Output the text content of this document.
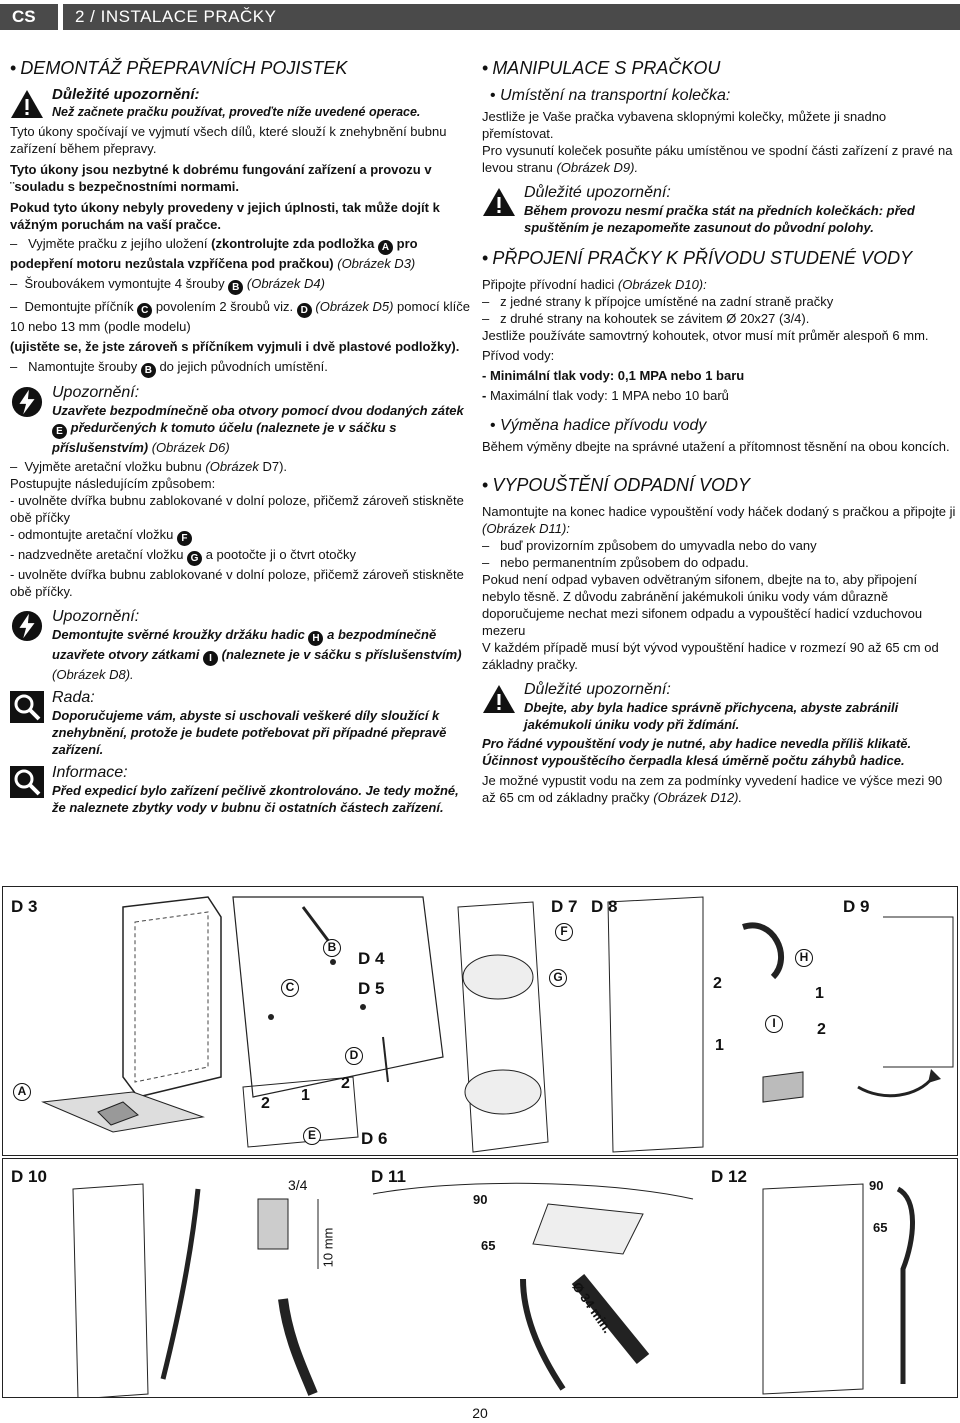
CS	2 / INSTALACE PRAČKY
• DEMONTÁŽ PŘEPRAVNÍCH POJISTEK
Důležité upozornění:
Než začnete pračku používat, proveďte níže uvedené operace.

Tyto úkony spočívají ve vyjmutí všech dílů, které slouží k znehybnění bubnu zařízení během přepravy.

Tyto úkony jsou nezbytné k dobrému fungování zařízení a provozu v ¨souladu s bezpečnostními normami.

Pokud tyto úkony nebyly provedeny v jejich úplnosti, tak může dojít k vážným poruchám na vaší pračce.

–   Vyjměte pračku z jejího uložení (zkontrolujte zda podložka A pro podepření motoru nezůstala vzpříčena pod pračkou) (Obrázek D3)

–  Šroubovákem vymontujte 4 šrouby B (Obrázek D4)

–  Demontujte příčník C povolením 2 šroubů viz. D (Obrázek D5) pomocí klíče 10 nebo 13 mm (podle modelu)

(ujistěte se, že jste zároveň s příčníkem vyjmuli i dvě plastové podložky).

–   Namontujte šrouby B do jejich původních umístění.

Upozornění:
Uzavřete bezpodmínečně oba otvory pomocí dvou dodaných zátek E předurčených k tomuto účelu (naleznete je v sáčku s příslušenstvím) (Obrázek D6)

–  Vyjměte aretační vložku bubnu (Obrázek D7).

Postupujte následujícím způsobem:

- uvolněte dvířka bubnu zablokované v dolní poloze, přičemž zároveň stiskněte obě příčky

- odmontujte aretační vložku F

- nadzvedněte aretační vložku G a pootočte ji o čtvrt otočky

- uvolněte dvířka bubnu zablokované v dolní poloze, přičemž zároveň stiskněte obě příčky.

Upozornění:
Demontujte svěrné kroužky držáku hadic H a bezpodmínečně uzavřete otvory zátkami I (naleznete je v sáčku s příslušenstvím) (Obrázek D8).
Rada:
Doporučujeme vám, abyste si uschovali veškeré díly sloužící k znehybnění, protože je budete potřebovat při případné přepravě zařízení.
Informace:
Před expedicí bylo zařízení pečlivě zkontrolováno. Je tedy možné, že naleznete zbytky vody v bubnu či ostatních částech zařízení.
• MANIPULACE S PRAČKOU
• Umístění na transportní kolečka:

Jestliže je Vaše pračka vybavena sklopnými kolečky, můžete ji snadno přemístovat.

Pro vysunutí koleček posuňte páku umístěnou ve spodní části zařízení z pravé na levou stranu (Obrázek D9).

Důležité upozornění:
Během provozu nesmí pračka stát na předních kolečkách: před spuštěním je nezapomeňte zasunout do původní polohy.
• PŘPOJENÍ PRAČKY K PŘÍVODU STUDENÉ VODY

Připojte přívodní hadici (Obrázek D10):

–   z jedné strany k přípojce umístěné na zadní straně pračky

–   z druhé strany na kohoutek se závitem Ø 20x27 (3/4).

Jestliže používáte samovtrný kohoutek, otvor musí mít průměr alespoň 6 mm.

Přívod vody:

- Minimální tlak vody: 0,1 MPA nebo 1 baru

- Maximální tlak vody: 1 MPA nebo 10 barů

• Výměna hadice přívodu vody

Během výměny dbejte na správné utažení a přítomnost těsnění na obou koncích.

• VYPOUŠTĚNÍ ODPADNÍ VODY

Namontujte na konec hadice vypouštění vody háček dodaný s pračkou a připojte ji (Obrázek D11):

–   buď provizorním způsobem do umyvadla nebo do vany

–   nebo permanentním způsobem do odpadu.

Pokud není odpad vybaven odvětraným sifonem, dbejte na to, aby připojení nebylo těsně. Z důvodu zabránění jakémukoli úniku vody vám důrazně doporučujeme nechat mezi sifonem odpadu a vypouštěcí hadicí vzduchovou mezeru

V každém případě musí být vývod vypouštění hadice v rozmezí 90 až 65 cm od základny pračky.

Důležité upozornění:
Dbejte, aby byla hadice správně přichycena, abyste zabránili jakémukoli úniku vody při ždímání.

Pro řádné vypouštění vody je nutné, aby hadice nevedla příliš klikatě.

Účinnost vypouštěcího čerpadla klesá úměrně počtu záhybů hadice.

Je možné vypustit vodu na zem za podmínky vyvedení hadice ve výšce mezi 90 až 65 cm od základny pračky (Obrázek D12).

D 3
D 4
D 5
D 6
D 7 D 8	D 9
A
B
C
D
E
F
G
H
I
2 1
2
2
1
1
2
D 10	D 11	D 12
3/4
10 mm
90
65
Ø 34 min.
90
65
20
